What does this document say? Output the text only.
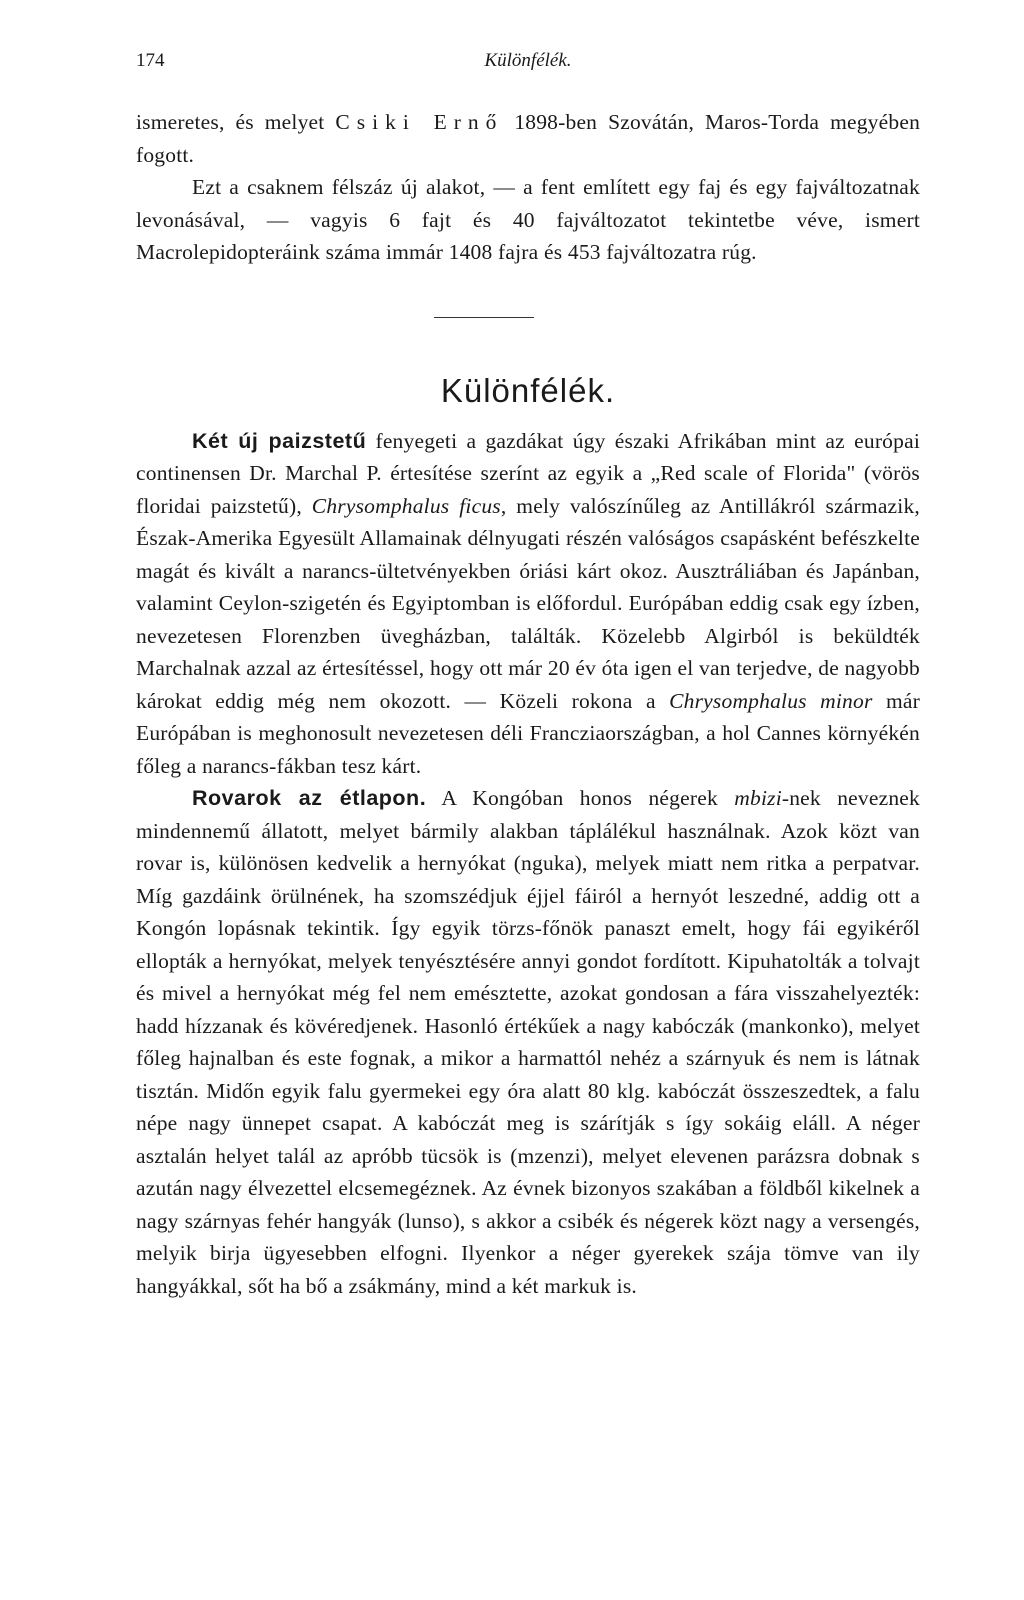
174	Különfélék.

ismeretes, és melyet Csiki Ernő 1898-ben Szovátán, Maros-Torda megyében fogott.

Ezt a csaknem félszáz új alakot, — a fent említett egy faj és egy fajváltozatnak levonásával, — vagyis 6 fajt és 40 fajváltozatot tekintetbe véve, ismert Macrolepidopteráink száma immár 1408 fajra és 453 fajváltozatra rúg.

Különfélék.

Két új paizstetű fenyegeti a gazdákat úgy északi Afrikában mint az európai continensen Dr. Marchal P. értesítése szerínt az egyik a „Red scale of Florida" (vörös floridai paizstetű), Chrysomphalus ficus, mely valószínűleg az Antillákról származik, Észak-Amerika Egyesült Allamainak délnyugati részén valóságos csapásként befészkelte magát és kivált a narancs-ültetvényekben óriási kárt okoz. Ausztráliában és Japánban, valamint Ceylon-szigetén és Egyiptomban is előfordul. Európában eddig csak egy ízben, nevezetesen Florenzben üvegházban, találták. Közelebb Algirból is beküldték Marchalnak azzal az értesítéssel, hogy ott már 20 év óta igen el van terjedve, de nagyobb károkat eddig még nem okozott. — Közeli rokona a Chrysomphalus minor már Európában is meghonosult nevezetesen déli Francziaországban, a hol Cannes környékén főleg a narancs-fákban tesz kárt.

Rovarok az étlapon. A Kongóban honos négerek mbizi-nek neveznek mindennemű állatott, melyet bármily alakban táplálékul használnak. Azok közt van rovar is, különösen kedvelik a hernyókat (nguka), melyek miatt nem ritka a perpatvar. Míg gazdáink örülnének, ha szomszédjuk éjjel fáiról a hernyót leszedné, addig ott a Kongón lopásnak tekintik. Így egyik törzs-főnök panaszt emelt, hogy fái egyikéről ellopták a hernyókat, melyek tenyésztésére annyi gondot fordított. Kipuhatolták a tolvajt és mivel a hernyókat még fel nem emésztette, azokat gondosan a fára visszahelyezték: hadd hízzanak és kövéredjenek. Hasonló értékűek a nagy kabóczák (mankonko), melyet főleg hajnalban és este fognak, a mikor a harmattól nehéz a szárnyuk és nem is látnak tisztán. Midőn egyik falu gyermekei egy óra alatt 80 klg. kabóczát összeszedtek, a falu népe nagy ünnepet csapat. A kabóczát meg is szárítják s így sokáig eláll. A néger asztalán helyet talál az apróbb tücsök is (mzenzi), melyet elevenen parázsra dobnak s azután nagy élvezettel elcsemegéznek. Az évnek bizonyos szakában a földből kikelnek a nagy szárnyas fehér hangyák (lunso), s akkor a csibék és négerek közt nagy a versengés, melyik birja ügyesebben elfogni. Ilyenkor a néger gyerekek szája tömve van ily hangyákkal, sőt ha bő a zsákmány, mind a két markuk is.
